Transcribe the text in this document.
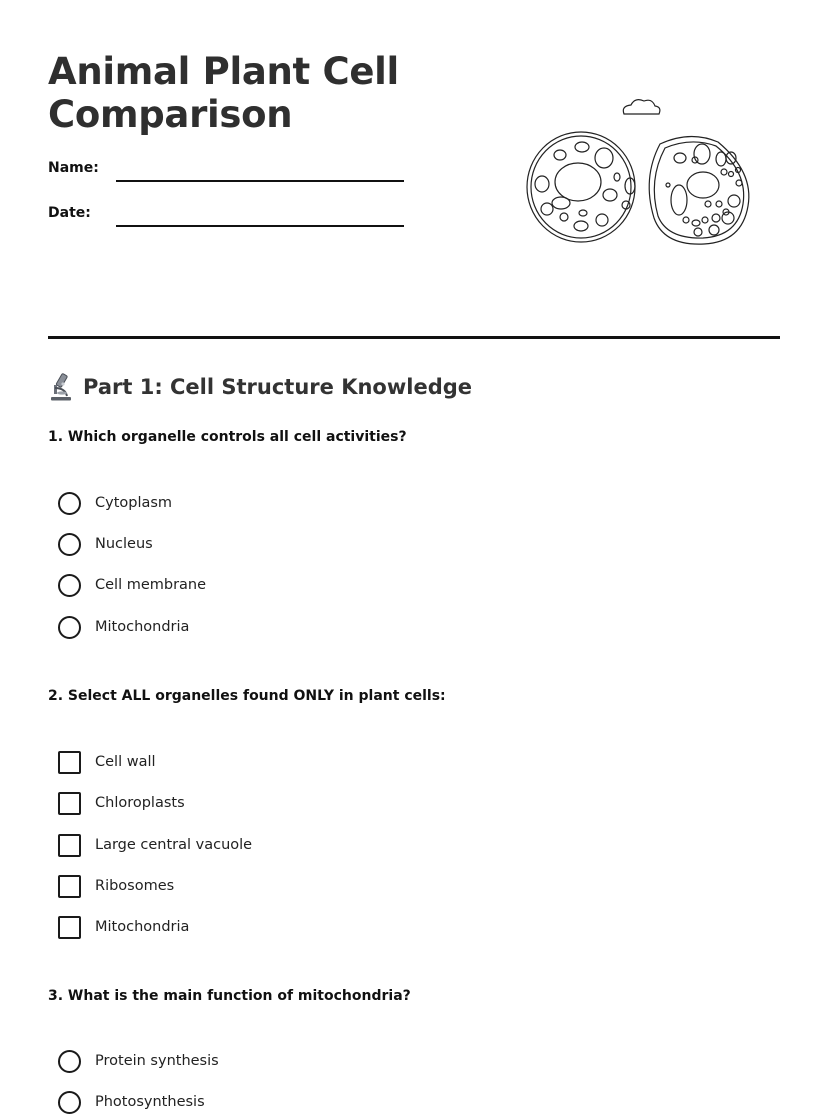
Animal Plant Cell
Comparison
Name:
Date:
Part 1: Cell Structure Knowledge
1. Which organelle controls all cell activities?
Cytoplasm
Nucleus
Cell membrane
Mitochondria
2. Select ALL organelles found ONLY in plant cells:
Cell wall
Chloroplasts
Large central vacuole
Ribosomes
Mitochondria
3. What is the main function of mitochondria?
Protein synthesis
Photosynthesis
